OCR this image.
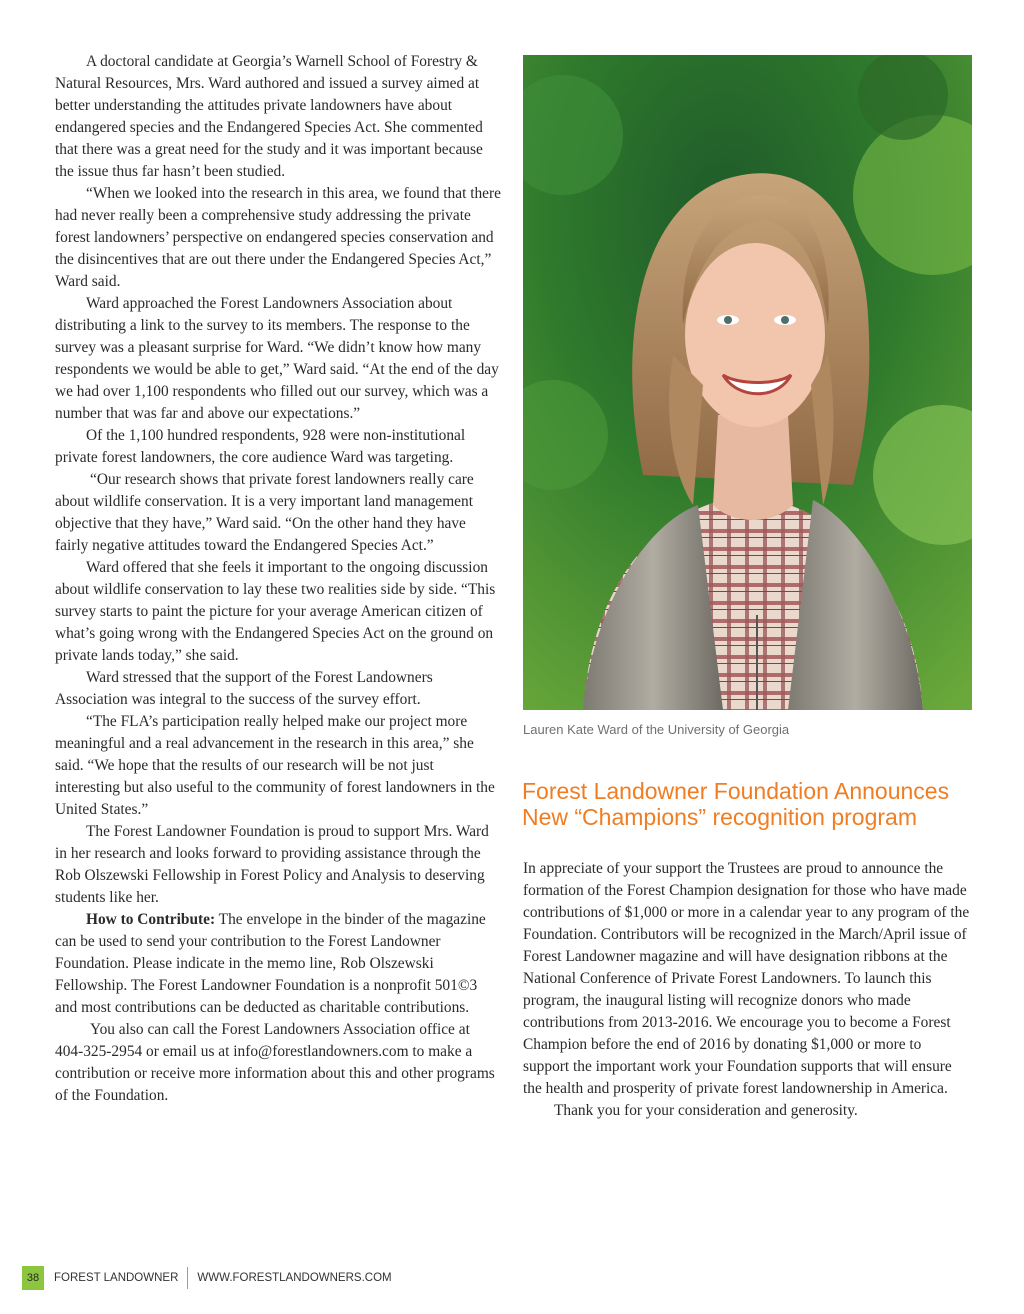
A doctoral candidate at Georgia’s Warnell School of Forestry & Natural Resources, Mrs. Ward authored and issued a survey aimed at better understanding the attitudes private landowners have about endangered species and the Endangered Species Act. She commented that there was a great need for the study and it was important because the issue thus far hasn’t been studied.

“When we looked into the research in this area, we found that there had never really been a comprehensive study addressing the private forest landowners’ perspective on endangered species conservation and the disincentives that are out there under the Endangered Species Act,” Ward said.

Ward approached the Forest Landowners Association about distributing a link to the survey to its members. The response to the survey was a pleasant surprise for Ward. “We didn’t know how many respondents we would be able to get,” Ward said. “At the end of the day we had over 1,100 respondents who filled out our survey, which was a number that was far and above our expectations.”

Of the 1,100 hundred respondents, 928 were non-institutional private forest landowners, the core audience Ward was targeting.

“Our research shows that private forest landowners really care about wildlife conservation. It is a very important land management objective that they have,” Ward said. “On the other hand they have fairly negative attitudes toward the Endangered Species Act.”

Ward offered that she feels it important to the ongoing discussion about wildlife conservation to lay these two realities side by side. “This survey starts to paint the picture for your average American citizen of what’s going wrong with the Endangered Species Act on the ground on private lands today,” she said.

Ward stressed that the support of the Forest Landowners Association was integral to the success of the survey effort.

“The FLA’s participation really helped make our project more meaningful and a real advancement in the research in this area,” she said. “We hope that the results of our research will be not just interesting but also useful to the community of forest landowners in the United States.”

The Forest Landowner Foundation is proud to support Mrs. Ward in her research and looks forward to providing assistance through the Rob Olszewski Fellowship in Forest Policy and Analysis to deserving students like her.

How to Contribute: The envelope in the binder of the magazine can be used to send your contribution to the Forest Landowner Foundation. Please indicate in the memo line, Rob Olszewski Fellowship. The Forest Landowner Foundation is a nonprofit 501©3 and most contributions can be deducted as charitable contributions.

You also can call the Forest Landowners Association office at 404-325-2954 or email us at info@forestlandowners.com to make a contribution or receive more information about this and other programs of the Foundation.

Lauren Kate Ward of the University of Georgia
Forest Landowner Foundation Announces New “Champions” recognition program

In appreciate of your support the Trustees are proud to announce the formation of the Forest Champion designation for those who have made contributions of $1,000 or more in a calendar year to any program of the Foundation. Contributors will be recognized in the March/April issue of Forest Landowner magazine and will have designation ribbons at the National Conference of Private Forest Landowners. To launch this program, the inaugural listing will recognize donors who made contributions from 2013-2016. We encourage you to become a Forest Champion before the end of 2016 by donating $1,000 or more to support the important work your Foundation supports that will ensure the health and prosperity of private forest landownership in America.

Thank you for your consideration and generosity.

38	FOREST LANDOWNER WWW.FORESTLANDOWNERS.COM
